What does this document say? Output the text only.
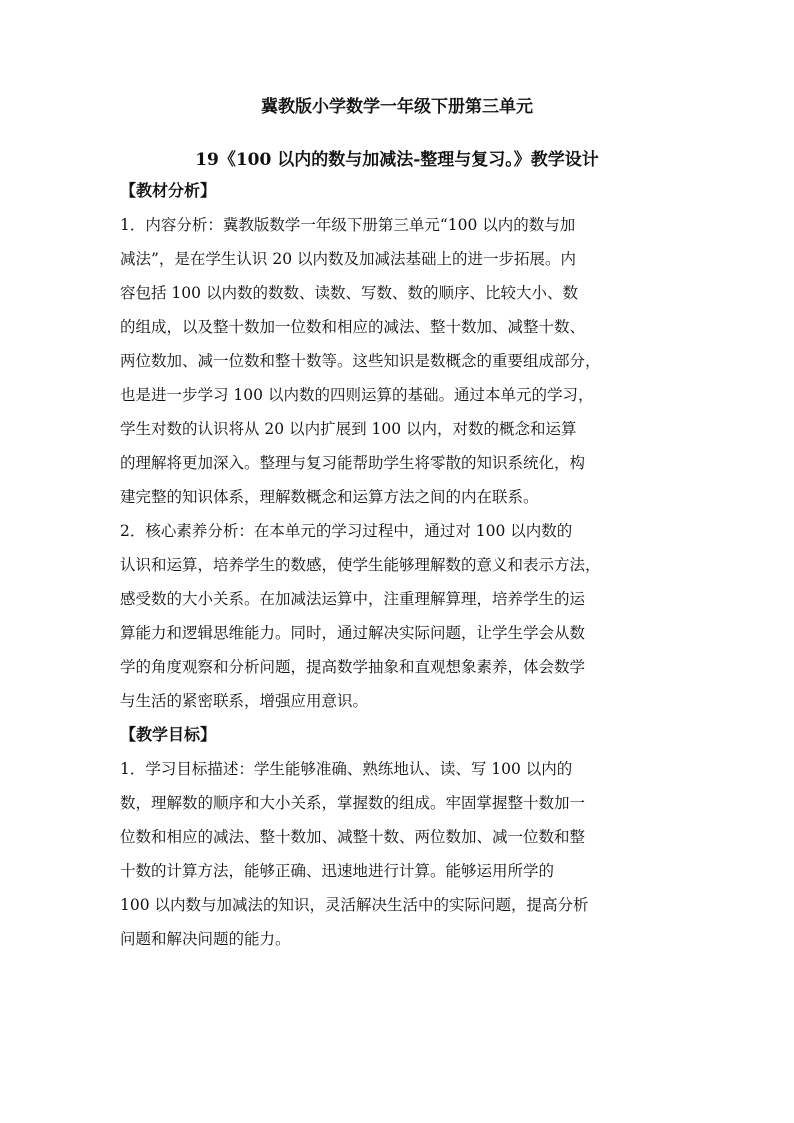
冀教版小学数学一年级下册第三单元
19《100 以内的数与加减法-整理与复习。》教学设计
【教材分析】
1．内容分析：冀教版数学一年级下册第三单元“100 以内的数与加
减法”，是在学生认识 20 以内数及加减法基础上的进一步拓展。内
容包括 100 以内数的数数、读数、写数、数的顺序、比较大小、数
的组成，以及整十数加一位数和相应的减法、整十数加、减整十数、
两位数加、减一位数和整十数等。这些知识是数概念的重要组成部分，
也是进一步学习 100 以内数的四则运算的基础。通过本单元的学习，
学生对数的认识将从 20 以内扩展到 100 以内，对数的概念和运算
的理解将更加深入。整理与复习能帮助学生将零散的知识系统化，构
建完整的知识体系，理解数概念和运算方法之间的内在联系。
2．核心素养分析：在本单元的学习过程中，通过对 100 以内数的
认识和运算，培养学生的数感，使学生能够理解数的意义和表示方法，
感受数的大小关系。在加减法运算中，注重理解算理，培养学生的运
算能力和逻辑思维能力。同时，通过解决实际问题，让学生学会从数
学的角度观察和分析问题，提高数学抽象和直观想象素养，体会数学
与生活的紧密联系，增强应用意识。
【教学目标】
1．学习目标描述：学生能够准确、熟练地认、读、写 100 以内的
数，理解数的顺序和大小关系，掌握数的组成。牢固掌握整十数加一
位数和相应的减法、整十数加、减整十数、两位数加、减一位数和整
十数的计算方法，能够正确、迅速地进行计算。能够运用所学的
100 以内数与加减法的知识，灵活解决生活中的实际问题，提高分析
问题和解决问题的能力。
